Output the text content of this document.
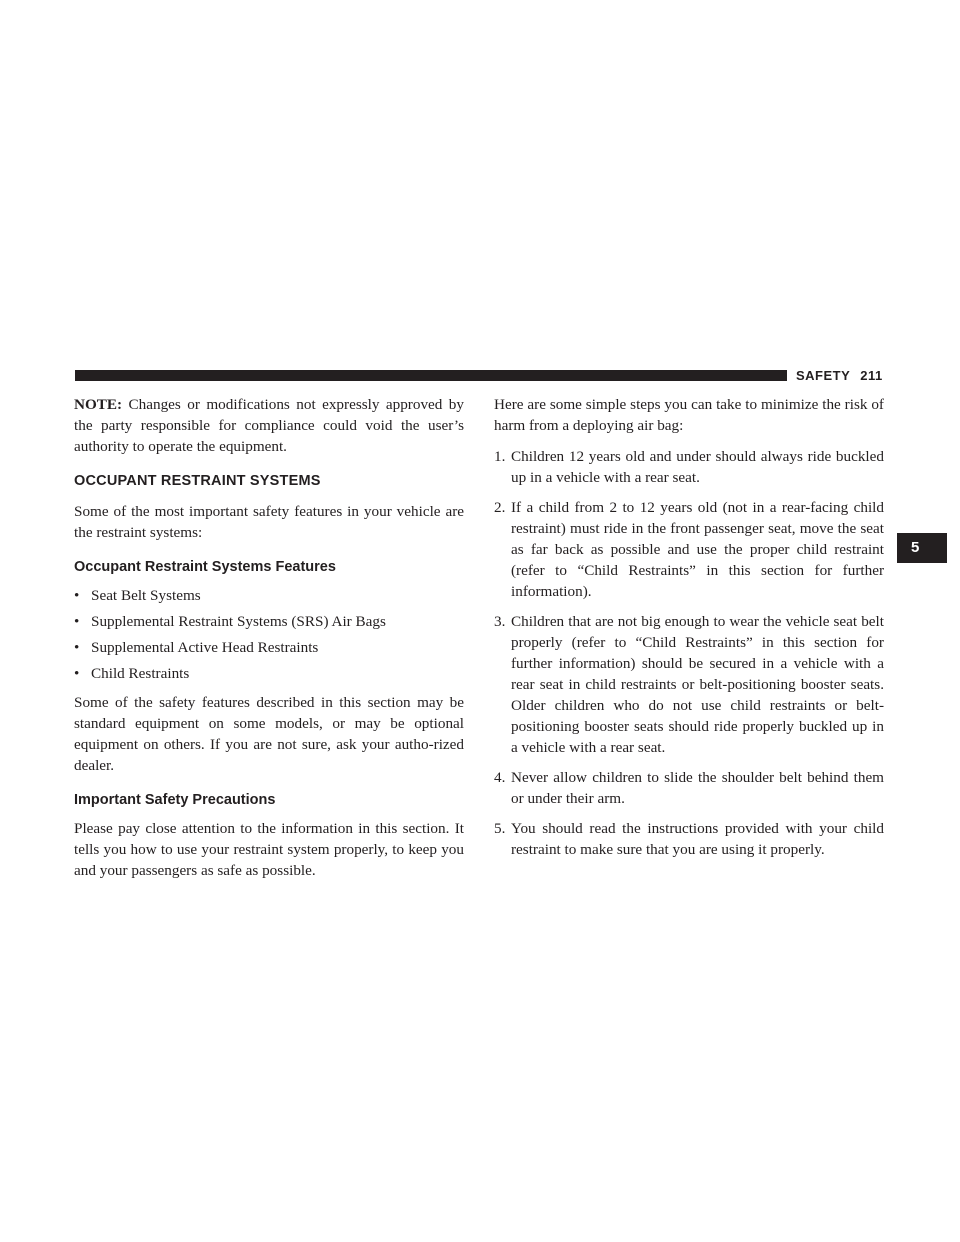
SAFETY 211
5

NOTE: Changes or modifications not expressly approved by the party responsible for compliance could void the user’s authority to operate the equipment.

OCCUPANT RESTRAINT SYSTEMS

Some of the most important safety features in your vehicle are the restraint systems:

Occupant Restraint Systems Features
• Seat Belt Systems
• Supplemental Restraint Systems (SRS) Air Bags
• Supplemental Active Head Restraints
• Child Restraints

Some of the safety features described in this section may be standard equipment on some models, or may be optional equipment on others. If you are not sure, ask your autho-rized dealer.

Important Safety Precautions

Please pay close attention to the information in this section. It tells you how to use your restraint system properly, to keep you and your passengers as safe as possible.

Here are some simple steps you can take to minimize the risk of harm from a deploying air bag:

1. Children 12 years old and under should always ride buckled up in a vehicle with a rear seat.
2. If a child from 2 to 12 years old (not in a rear-facing child restraint) must ride in the front passenger seat, move the seat as far back as possible and use the proper child restraint (refer to “Child Restraints” in this section for further information).
3. Children that are not big enough to wear the vehicle seat belt properly (refer to “Child Restraints” in this section for further information) should be secured in a vehicle with a rear seat in child restraints or belt-positioning booster seats. Older children who do not use child restraints or belt-positioning booster seats should ride properly buckled up in a vehicle with a rear seat.
4. Never allow children to slide the shoulder belt behind them or under their arm.
5. You should read the instructions provided with your child restraint to make sure that you are using it properly.
